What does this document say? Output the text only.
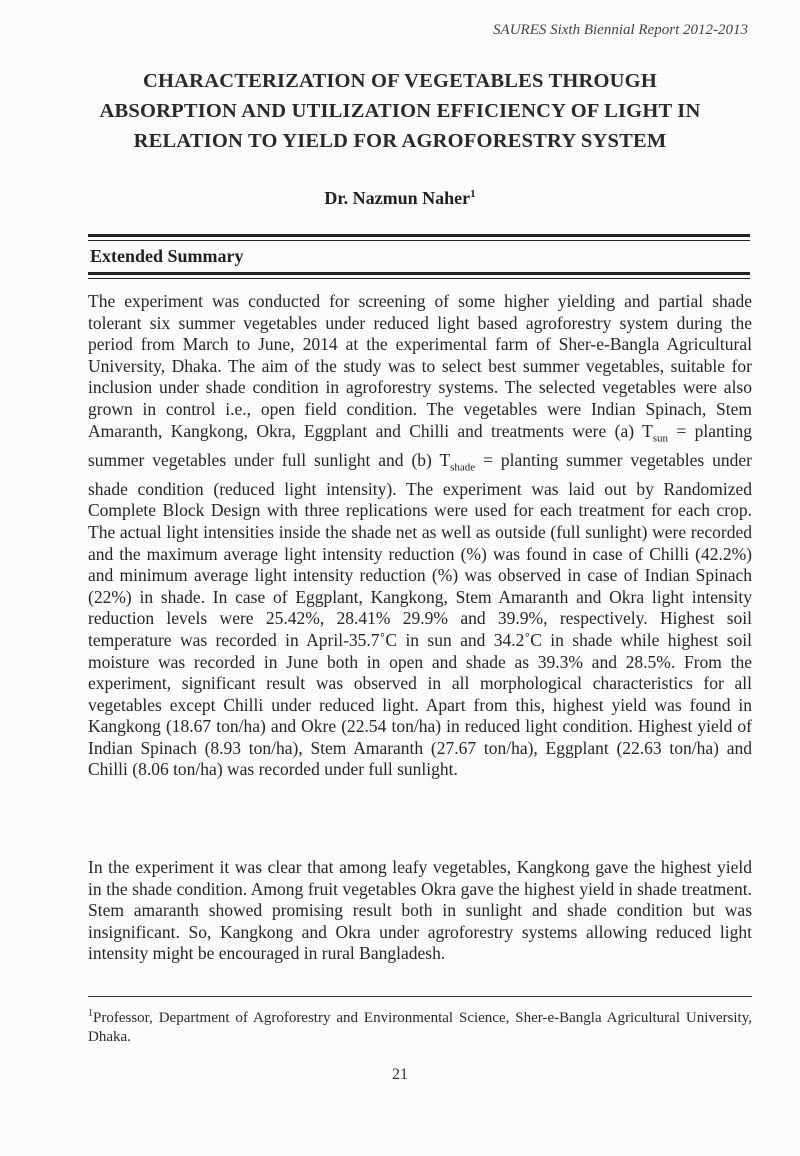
SAURES Sixth Biennial Report 2012-2013
CHARACTERIZATION OF VEGETABLES THROUGH
ABSORPTION AND UTILIZATION EFFICIENCY OF LIGHT IN
RELATION TO YIELD FOR AGROFORESTRY SYSTEM
Dr. Nazmun Naher$^1$
Extended Summary
The experiment was conducted for screening of some higher yielding and partial shade tolerant six summer vegetables under reduced light based agroforestry system during the period from March to June, 2014 at the experimental farm of Sher-e-Bangla Agricultural University, Dhaka. The aim of the study was to select best summer vegetables, suitable for inclusion under shade condition in agroforestry systems. The selected vegetables were also grown in control i.e., open field condition. The vegetables were Indian Spinach, Stem Amaranth, Kangkong, Okra, Eggplant and Chilli and treatments were (a) $T_{sun}$ = planting summer vegetables under full sunlight and (b) $T_{shade}$ = planting summer vegetables under shade condition (reduced light intensity). The experiment was laid out by Randomized Complete Block Design with three replications were used for each treatment for each crop. The actual light intensities inside the shade net as well as outside (full sunlight) were recorded and the maximum average light intensity reduction (%) was found in case of Chilli (42.2%) and minimum average light intensity reduction (%) was observed in case of Indian Spinach (22%) in shade. In case of Eggplant, Kangkong, Stem Amaranth and Okra light intensity reduction levels were 25.42%, 28.41% 29.9% and 39.9%, respectively. Highest soil temperature was recorded in April-35.7˚C in sun and 34.2˚C in shade while highest soil moisture was recorded in June both in open and shade as 39.3% and 28.5%. From the experiment, significant result was observed in all morphological characteristics for all vegetables except Chilli under reduced light. Apart from this, highest yield was found in Kangkong (18.67 ton/ha) and Okre (22.54 ton/ha) in reduced light condition. Highest yield of Indian Spinach (8.93 ton/ha), Stem Amaranth (27.67 ton/ha), Eggplant (22.63 ton/ha) and Chilli (8.06 ton/ha) was recorded under full sunlight.
In the experiment it was clear that among leafy vegetables, Kangkong gave the highest yield in the shade condition. Among fruit vegetables Okra gave the highest yield in shade treatment. Stem amaranth showed promising result both in sunlight and shade condition but was insignificant. So, Kangkong and Okra under agroforestry systems allowing reduced light intensity might be encouraged in rural Bangladesh.
$^1$Professor, Department of Agroforestry and Environmental Science, Sher-e-Bangla Agricultural University, Dhaka.
21
